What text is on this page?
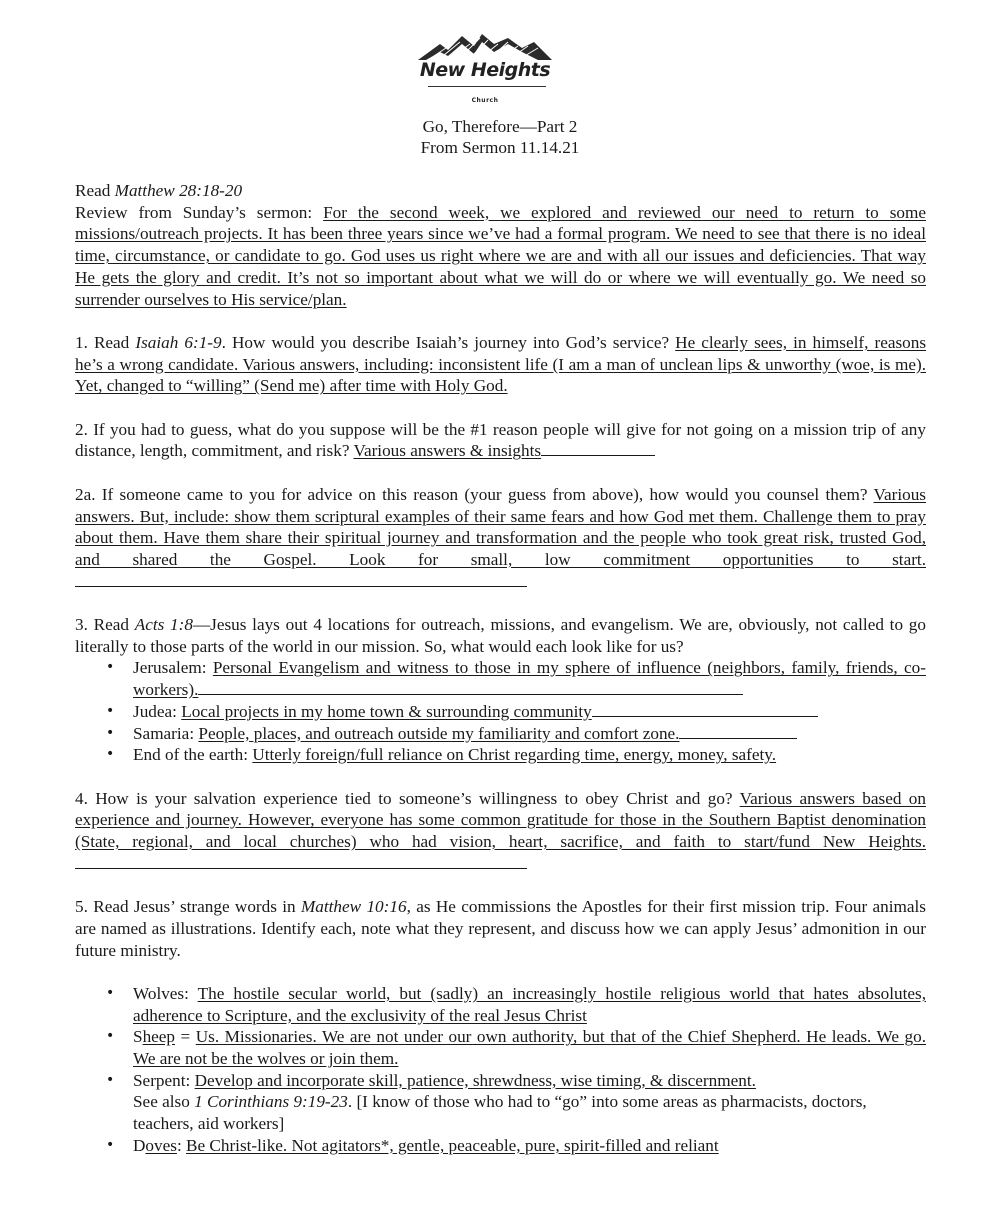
New Heights
Church
Go, Therefore—Part 2
From Sermon 11.14.21

Read Matthew 28:18-20

Review from Sunday’s sermon: For the second week, we explored and reviewed our need to return to some missions/outreach projects. It has been three years since we’ve had a formal program. We need to see that there is no ideal time, circumstance, or candidate to go. God uses us right where we are and with all our issues and deficiencies. That way He gets the glory and credit. It’s not so important about what we will do or where we will eventually go. We need so surrender ourselves to His service/plan.

1. Read Isaiah 6:1-9. How would you describe Isaiah’s journey into God’s service? He clearly sees, in himself, reasons he’s a wrong candidate. Various answers, including: inconsistent life (I am a man of unclean lips & unworthy (woe, is me). Yet, changed to “willing” (Send me) after time with Holy God.

2. If you had to guess, what do you suppose will be the #1 reason people will give for not going on a mission trip of any distance, length, commitment, and risk? Various answers & insights

2a. If someone came to you for advice on this reason (your guess from above), how would you counsel them? Various answers. But, include: show them scriptural examples of their same fears and how God met them. Challenge them to pray about them. Have them share their spiritual journey and transformation and the people who took great risk, trusted God, and shared the Gospel. Look for small, low commitment opportunities to start.

3. Read Acts 1:8—Jesus lays out 4 locations for outreach, missions, and evangelism. We are, obviously, not called to go literally to those parts of the world in our mission. So, what would each look like for us?

• Jerusalem: Personal Evangelism and witness to those in my sphere of influence (neighbors, family, friends, co-workers).
• Judea: Local projects in my home town & surrounding community
• Samaria: People, places, and outreach outside my familiarity and comfort zone.
• End of the earth: Utterly foreign/full reliance on Christ regarding time, energy, money, safety.

4. How is your salvation experience tied to someone’s willingness to obey Christ and go? Various answers based on experience and journey. However, everyone has some common gratitude for those in the Southern Baptist denomination (State, regional, and local churches) who had vision, heart, sacrifice, and faith to start/fund New Heights.

5. Read Jesus’ strange words in Matthew 10:16, as He commissions the Apostles for their first mission trip. Four animals are named as illustrations. Identify each, note what they represent, and discuss how we can apply Jesus’ admonition in our future ministry.

• Wolves: The hostile secular world, but (sadly) an increasingly hostile religious world that hates absolutes, adherence to Scripture, and the exclusivity of the real Jesus Christ
• Sheep = Us. Missionaries. We are not under our own authority, but that of the Chief Shepherd. He leads. We go. We are not be the wolves or join them.
• Serpent: Develop and incorporate skill, patience, shrewdness, wise timing, & discernment.
See also 1 Corinthians 9:19-23. [I know of those who had to “go” into some areas as pharmacists, doctors, teachers, aid workers]
• Doves: Be Christ-like. Not agitators*, gentle, peaceable, pure, spirit-filled and reliant
